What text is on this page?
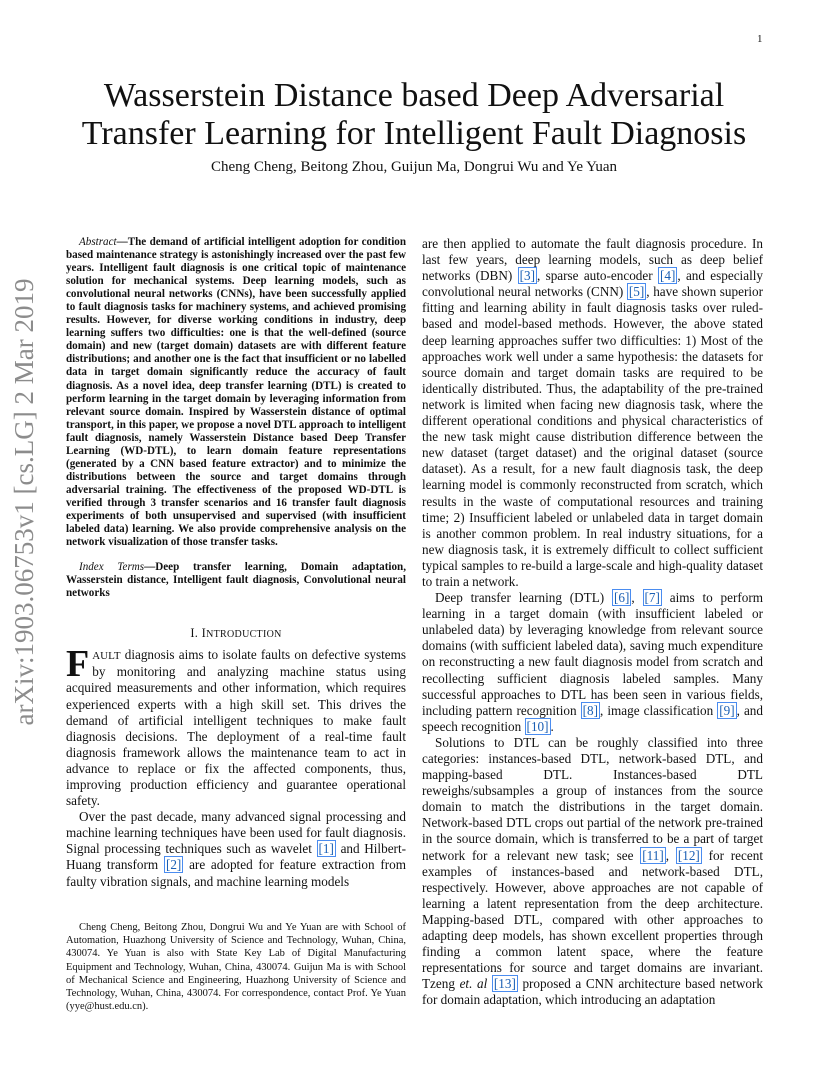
1
arXiv:1903.06753v1 [cs.LG] 2 Mar 2019
Wasserstein Distance based Deep Adversarial Transfer Learning for Intelligent Fault Diagnosis
Cheng Cheng, Beitong Zhou, Guijun Ma, Dongrui Wu and Ye Yuan

Abstract—The demand of artificial intelligent adoption for condition based maintenance strategy is astonishingly increased over the past few years. Intelligent fault diagnosis is one critical topic of maintenance solution for mechanical systems. Deep learning models, such as convolutional neural networks (CNNs), have been successfully applied to fault diagnosis tasks for machinery systems, and achieved promising results. However, for diverse working conditions in industry, deep learning suffers two difficulties: one is that the well-defined (source domain) and new (target domain) datasets are with different feature distributions; and another one is the fact that insufficient or no labelled data in target domain significantly reduce the accuracy of fault diagnosis. As a novel idea, deep transfer learning (DTL) is created to perform learning in the target domain by leveraging information from relevant source domain. Inspired by Wasserstein distance of optimal transport, in this paper, we propose a novel DTL approach to intelligent fault diagnosis, namely Wasserstein Distance based Deep Transfer Learning (WD-DTL), to learn domain feature representations (generated by a CNN based feature extractor) and to minimize the distributions between the source and target domains through adversarial training. The effectiveness of the proposed WD-DTL is verified through 3 transfer scenarios and 16 transfer fault diagnosis experiments of both unsupervised and supervised (with insufficient labeled data) learning. We also provide comprehensive analysis on the network visualization of those transfer tasks.

Index Terms—Deep transfer learning, Domain adaptation, Wasserstein distance, Intelligent fault diagnosis, Convolutional neural networks
I. INTRODUCTION

FAULT diagnosis aims to isolate faults on defective systems by monitoring and analyzing machine status using acquired measurements and other information, which requires experienced experts with a high skill set. This drives the demand of artificial intelligent techniques to make fault diagnosis decisions. The deployment of a real-time fault diagnosis framework allows the maintenance team to act in advance to replace or fix the affected components, thus, improving production efficiency and guarantee operational safety.

Over the past decade, many advanced signal processing and machine learning techniques have been used for fault diagnosis. Signal processing techniques such as wavelet [1] and Hilbert-Huang transform [2] are adopted for feature extraction from faulty vibration signals, and machine learning models

Cheng Cheng, Beitong Zhou, Dongrui Wu and Ye Yuan are with School of Automation, Huazhong University of Science and Technology, Wuhan, China, 430074. Ye Yuan is also with State Key Lab of Digital Manufacturing Equipment and Technology, Wuhan, China, 430074. Guijun Ma is with School of Mechanical Science and Engineering, Huazhong University of Science and Technology, Wuhan, China, 430074. For correspondence, contact Prof. Ye Yuan (yye@hust.edu.cn).

are then applied to automate the fault diagnosis procedure. In last few years, deep learning models, such as deep belief networks (DBN) [3] , sparse auto-encoder [4] , and especially convolutional neural networks (CNN) [5] , have shown superior fitting and learning ability in fault diagnosis tasks over ruled-based and model-based methods. However, the above stated deep learning approaches suffer two difficulties: 1) Most of the approaches work well under a same hypothesis: the datasets for source domain and target domain tasks are required to be identically distributed. Thus, the adaptability of the pre-trained network is limited when facing new diagnosis task, where the different operational conditions and physical characteristics of the new task might cause distribution difference between the new dataset (target dataset) and the original dataset (source dataset). As a result, for a new fault diagnosis task, the deep learning model is commonly reconstructed from scratch, which results in the waste of computational resources and training time; 2) Insufficient labeled or unlabeled data in target domain is another common problem. In real industry situations, for a new diagnosis task, it is extremely difficult to collect sufficient typical samples to re-build a large-scale and high-quality dataset to train a network.

Deep transfer learning (DTL) [6] , [7] aims to perform learning in a target domain (with insufficient labeled or unlabeled data) by leveraging knowledge from relevant source domains (with sufficient labeled data), saving much expenditure on reconstructing a new fault diagnosis model from scratch and recollecting sufficient diagnosis labeled samples. Many successful approaches to DTL has been seen in various fields, including pattern recognition [8] , image classification [9] , and speech recognition [10] .

Solutions to DTL can be roughly classified into three categories: instances-based DTL, network-based DTL, and mapping-based DTL. Instances-based DTL reweighs/subsamples a group of instances from the source domain to match the distributions in the target domain. Network-based DTL crops out partial of the network pre-trained in the source domain, which is transferred to be a part of target network for a relevant new task; see [11] , [12] for recent examples of instances-based and network-based DTL, respectively. However, above approaches are not capable of learning a latent representation from the deep architecture. Mapping-based DTL, compared with other approaches to adapting deep models, has shown excellent properties through finding a common latent space, where the feature representations for source and target domains are invariant. Tzeng et. al [13] proposed a CNN architecture based network for domain adaptation, which introducing an adaptation
